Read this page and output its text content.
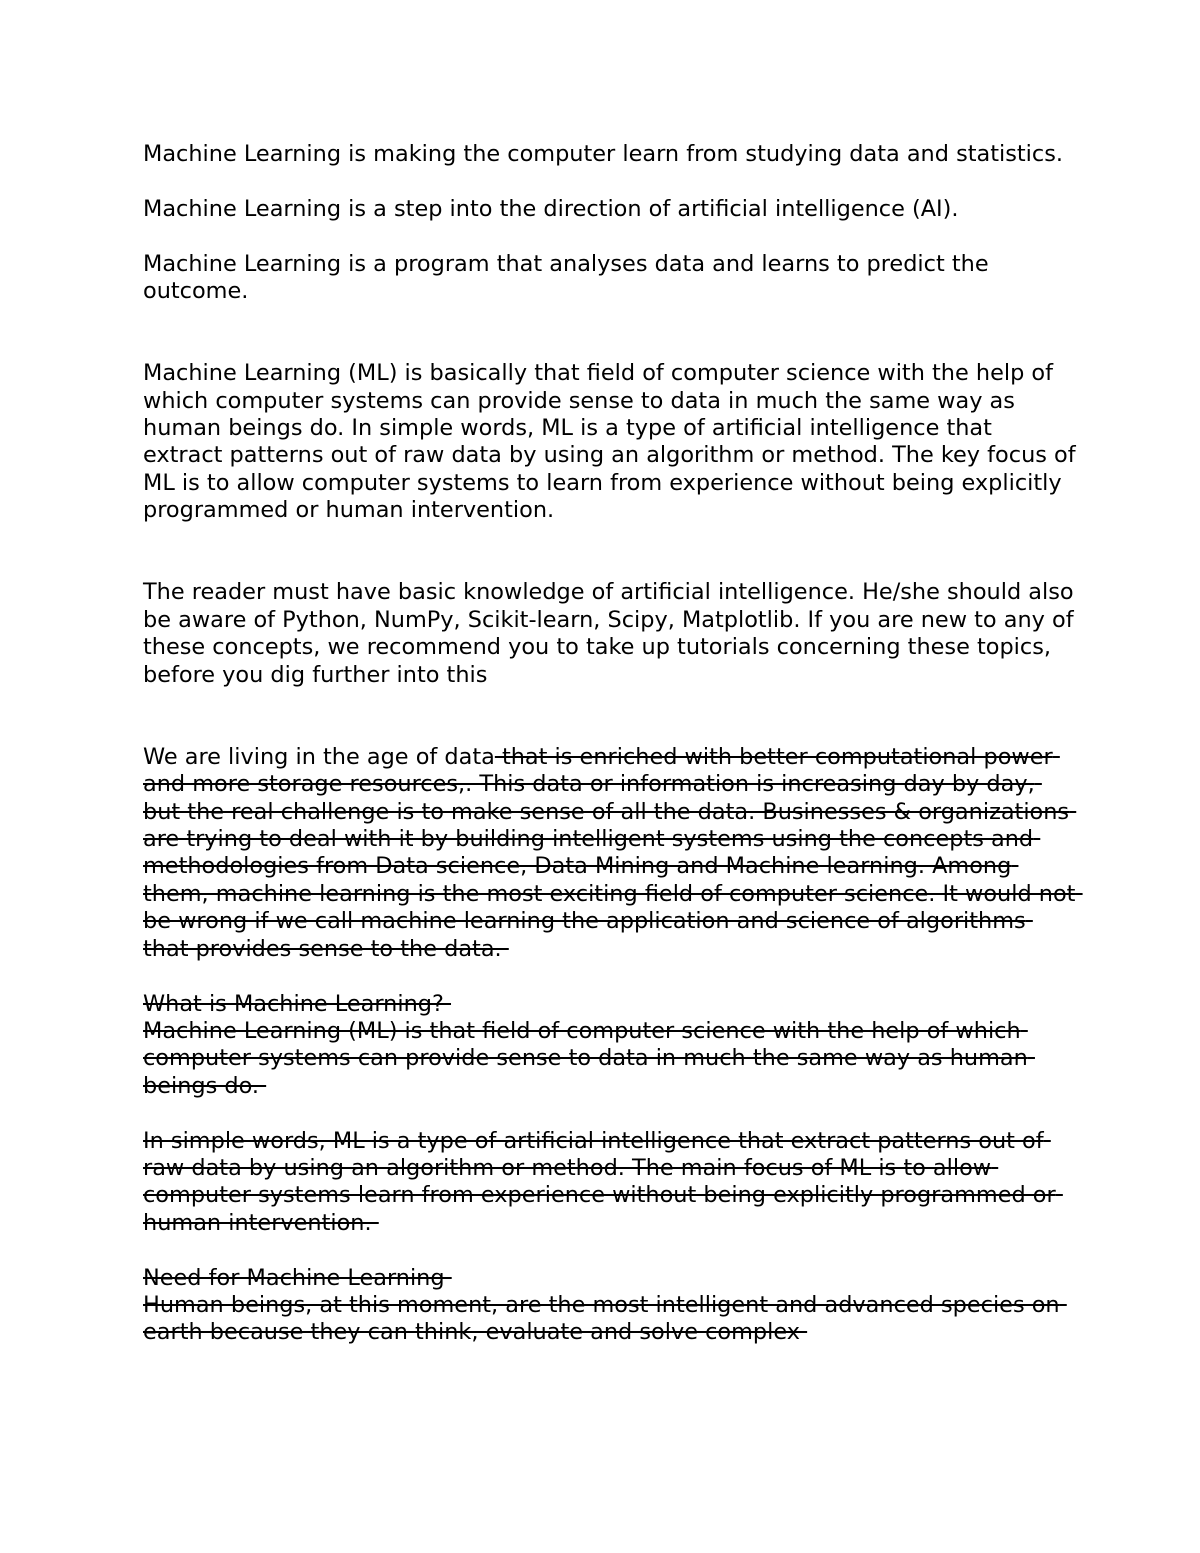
Machine Learning is making the computer learn from studying data and statistics.

Machine Learning is a step into the direction of artificial intelligence (AI).

Machine Learning is a program that analyses data and learns to predict the outcome.

Machine Learning (ML) is basically that field of computer science with the help of which computer systems can provide sense to data in much the same way as human beings do. In simple words, ML is a type of artificial intelligence that extract patterns out of raw data by using an algorithm or method. The key focus of ML is to allow computer systems to learn from experience without being explicitly programmed or human intervention.

The reader must have basic knowledge of artificial intelligence. He/she should also be aware of Python, NumPy, Scikit-learn, Scipy, Matplotlib. If you are new to any of these concepts, we recommend you to take up tutorials concerning these topics, before you dig further into this

We are living in the age of data that is enriched with better computational power and more storage resources,. This data or information is increasing day by day, but the real challenge is to make sense of all the data. Businesses & organizations are trying to deal with it by building intelligent systems using the concepts and methodologies from Data science, Data Mining and Machine learning. Among them, machine learning is the most exciting field of computer science. It would not be wrong if we call machine learning the application and science of algorithms that provides sense to the data.

What is Machine Learning?

Machine Learning (ML) is that field of computer science with the help of which computer systems can provide sense to data in much the same way as human beings do.

In simple words, ML is a type of artificial intelligence that extract patterns out of raw data by using an algorithm or method. The main focus of ML is to allow computer systems learn from experience without being explicitly programmed or human intervention.

Need for Machine Learning

Human beings, at this moment, are the most intelligent and advanced species on earth because they can think, evaluate and solve complex
